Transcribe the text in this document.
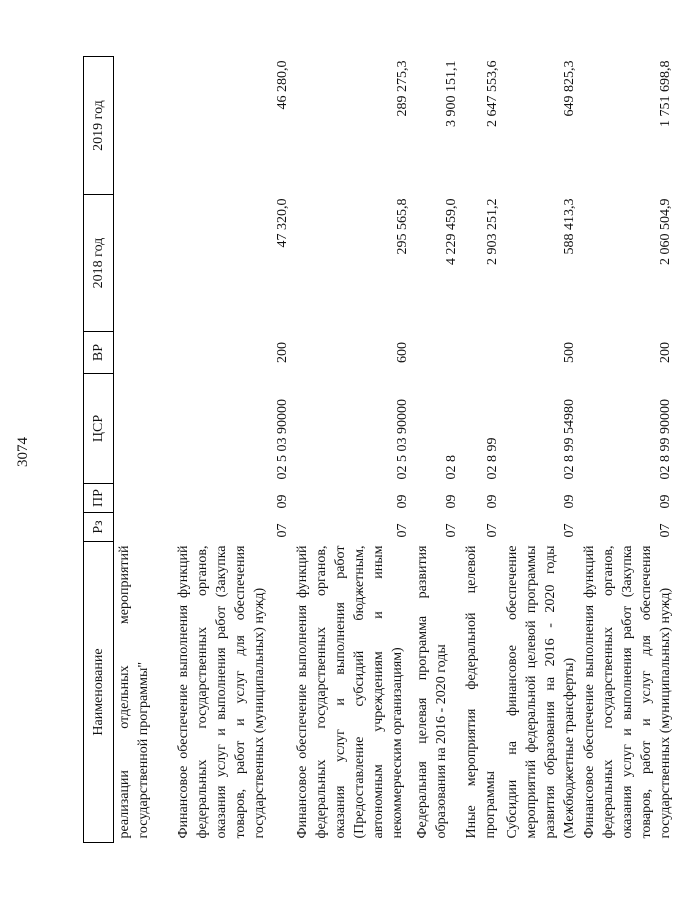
3074
Наименование	Рз	ПР	ЦСР	ВР	2018 год	2019 год
реализации отдельных мероприятий государственной программы"						
Финансовое обеспечение выполнения функций федеральных государственных органов, оказания услуг и выполнения работ (Закупка товаров, работ и услуг для обеспечения государственных (муниципальных) нужд)	07	09	02 5 03 90000	200	47 320,0	46 280,0
Финансовое обеспечение выполнения функций федеральных государственных органов, оказания услуг и выполнения работ (Предоставление субсидий бюджетным, автономным учреждениям и иным некоммерческим организациям)	07	09	02 5 03 90000	600	295 565,8	289 275,3
Федеральная целевая программа развития образования на 2016 - 2020 годы	07	09	02 8		4 229 459,0	3 900 151,1
Иные мероприятия федеральной целевой программы	07	09	02 8 99		2 903 251,2	2 647 553,6
Субсидии на финансовое обеспечение мероприятий федеральной целевой программы развития образования на 2016 - 2020 годы (Межбюджетные трансферты)	07	09	02 8 99 54980	500	588 413,3	649 825,3
Финансовое обеспечение выполнения функций федеральных государственных органов, оказания услуг и выполнения работ (Закупка товаров, работ и услуг для обеспечения государственных (муниципальных) нужд)	07	09	02 8 99 90000	200	2 060 504,9	1 751 698,8
